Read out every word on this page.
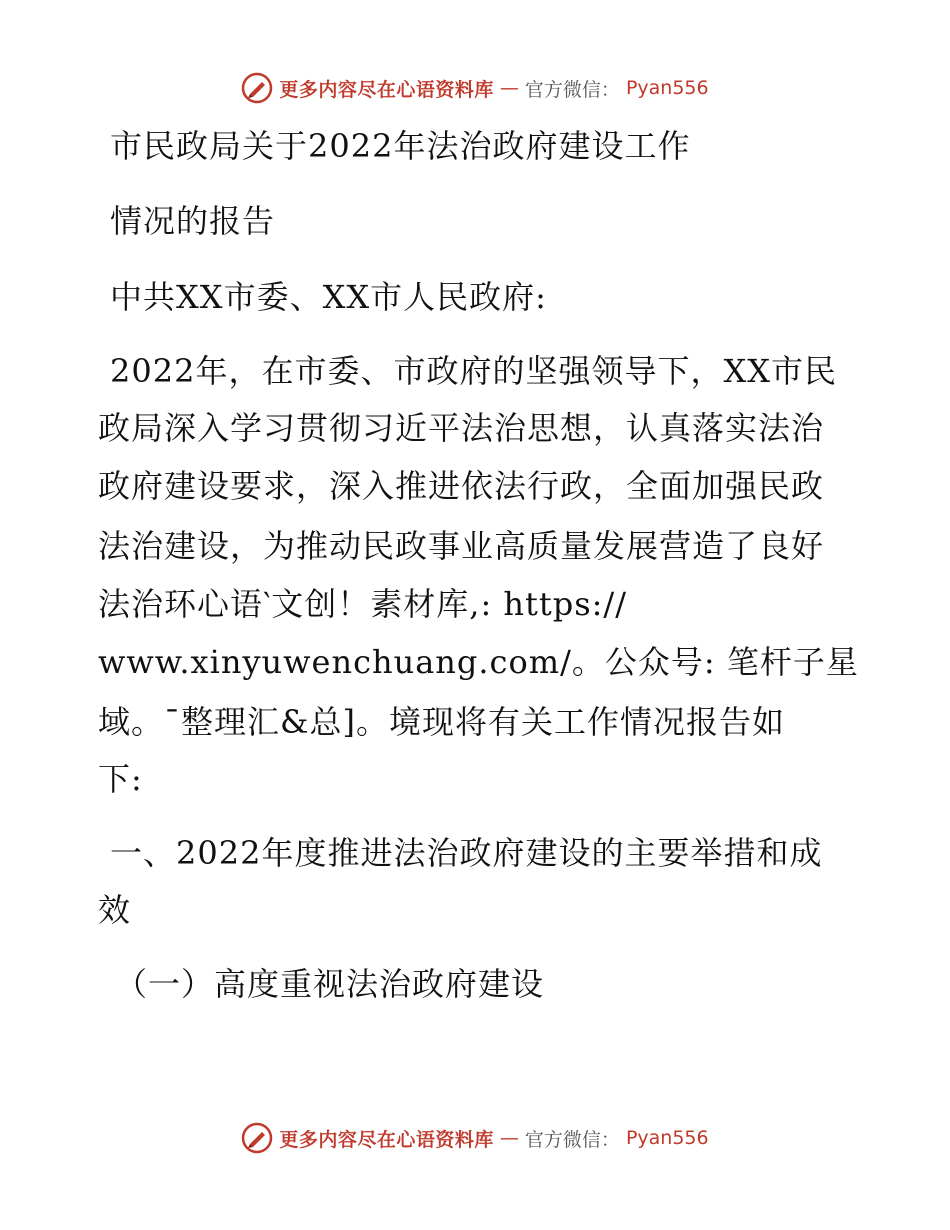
更多内容尽在心语资料库 — 官方微信： Pyan556
市民政局关于2022年法治政府建设工作
情况的报告
中共XX市委、XX市人民政府:
2022年，在市委、市政府的坚强领导下，XX市民
政局深入学习贯彻习近平法治思想，认真落实法治
政府建设要求，深入推进依法行政，全面加强民政
法治建设，为推动民政事业高质量发展营造了良好
法治环心语‵文创！素材库,: https://
www.xinyuwenchuang.com/。公众号: 笔杆子星
域。¯整理汇&总]。境现将有关工作情况报告如
下:
一、2022年度推进法治政府建设的主要举措和成
效
（一）高度重视法治政府建设
更多内容尽在心语资料库 — 官方微信： Pyan556
